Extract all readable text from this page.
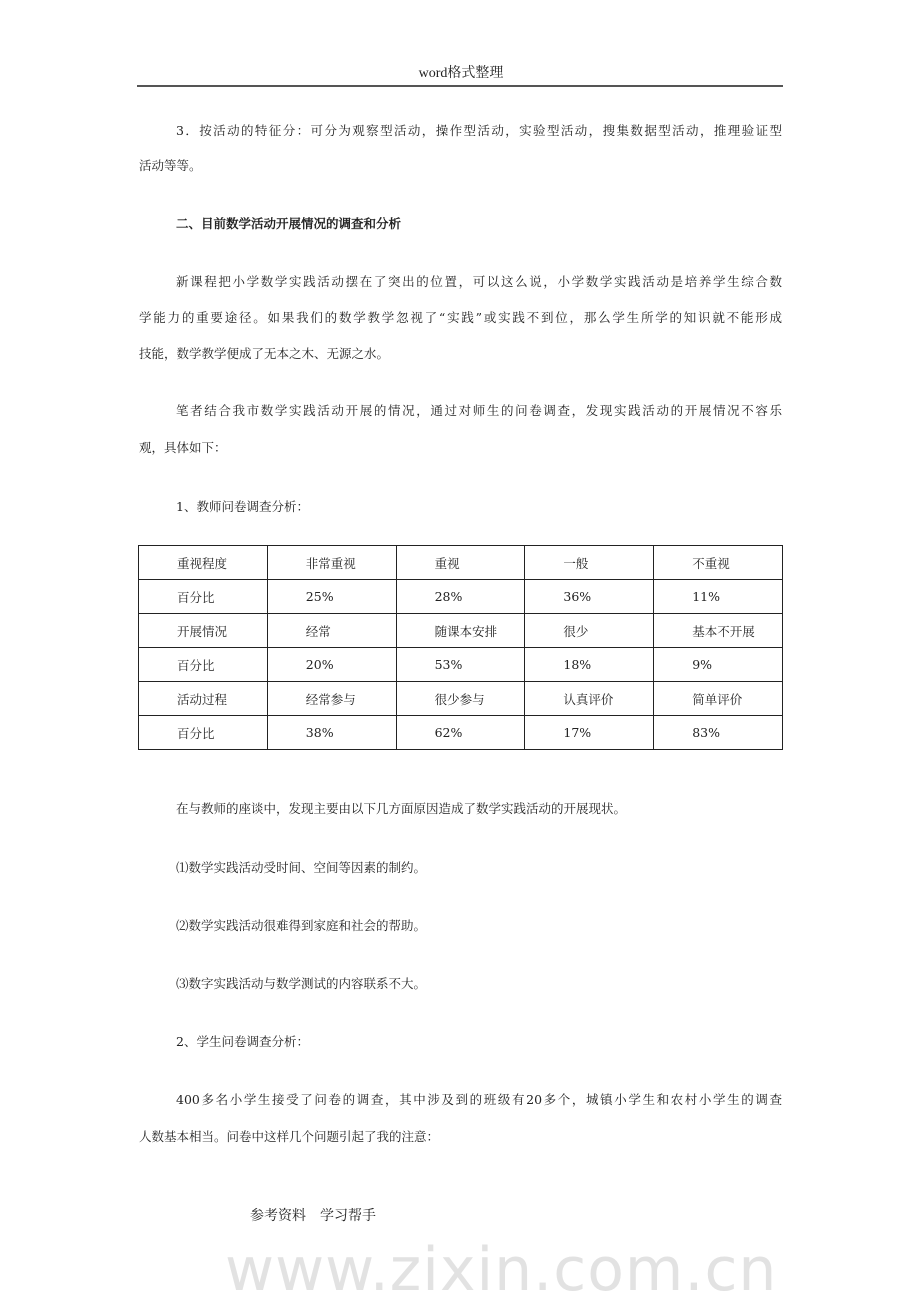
word格式整理
3．按活动的特征分：可分为观察型活动，操作型活动，实验型活动，搜集数据型活动，推理验证型
活动等等。
二、目前数学活动开展情况的调查和分析
新课程把小学数学实践活动摆在了突出的位置，可以这么说，小学数学实践活动是培养学生综合数
学能力的重要途径。如果我们的数学教学忽视了“实践”或实践不到位，那么学生所学的知识就不能形成
技能，数学教学便成了无本之木、无源之水。
笔者结合我市数学实践活动开展的情况，通过对师生的问卷调查，发现实践活动的开展情况不容乐
观，具体如下：
1、教师问卷调查分析：
重视程度	非常重视	重视	一般	不重视
百分比	25%	28%	36%	11%
开展情况	经常	随课本安排	很少	基本不开展
百分比	20%	53%	18%	9%
活动过程	经常参与	很少参与	认真评价	简单评价
百分比	38%	62%	17%	83%
在与教师的座谈中，发现主要由以下几方面原因造成了数学实践活动的开展现状。
⑴数学实践活动受时间、空间等因素的制约。
⑵数学实践活动很难得到家庭和社会的帮助。
⑶数字实践活动与数学测试的内容联系不大。
2、学生问卷调查分析：
400多名小学生接受了问卷的调查，其中涉及到的班级有20多个，城镇小学生和农村小学生的调查
人数基本相当。问卷中这样几个问题引起了我的注意：
参考资料　学习帮手
www.zixin.com.cn
